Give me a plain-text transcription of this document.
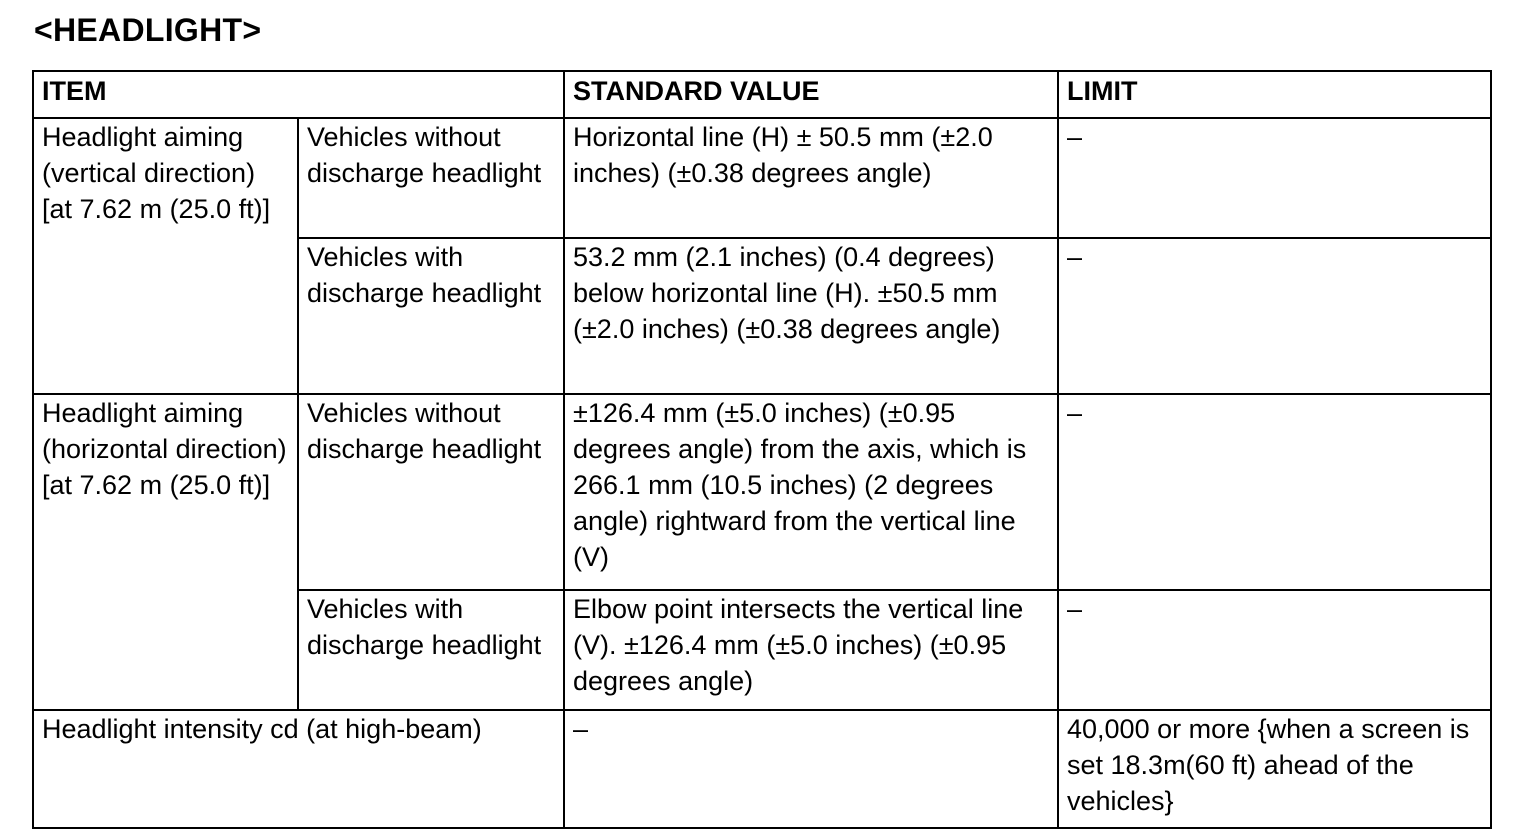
<HEADLIGHT>
ITEM		STANDARD VALUE	LIMIT

Headlight aiming (vertical direction) [at 7.62 m (25.0 ft)]	Vehicles without discharge headlight	Horizontal line (H) ± 50.5 mm (±2.0 inches) (±0.38 degrees angle)	–

	Vehicles with discharge headlight	53.2 mm (2.1 inches) (0.4 degrees) below horizontal line (H). ±50.5 mm (±2.0 inches) (±0.38 degrees angle)	–

Headlight aiming (horizontal direction) [at 7.62 m (25.0 ft)]	Vehicles without discharge headlight	±126.4 mm (±5.0 inches) (±0.95 degrees angle) from the axis, which is 266.1 mm (10.5 inches) (2 degrees angle) rightward from the vertical line (V)	–

	Vehicles with discharge headlight	Elbow point intersects the vertical line (V). ±126.4 mm (±5.0 inches) (±0.95 degrees angle)	–

Headlight intensity cd (at high-beam)		–	40,000 or more {when a screen is set 18.3m(60 ft) ahead of the vehicles}
